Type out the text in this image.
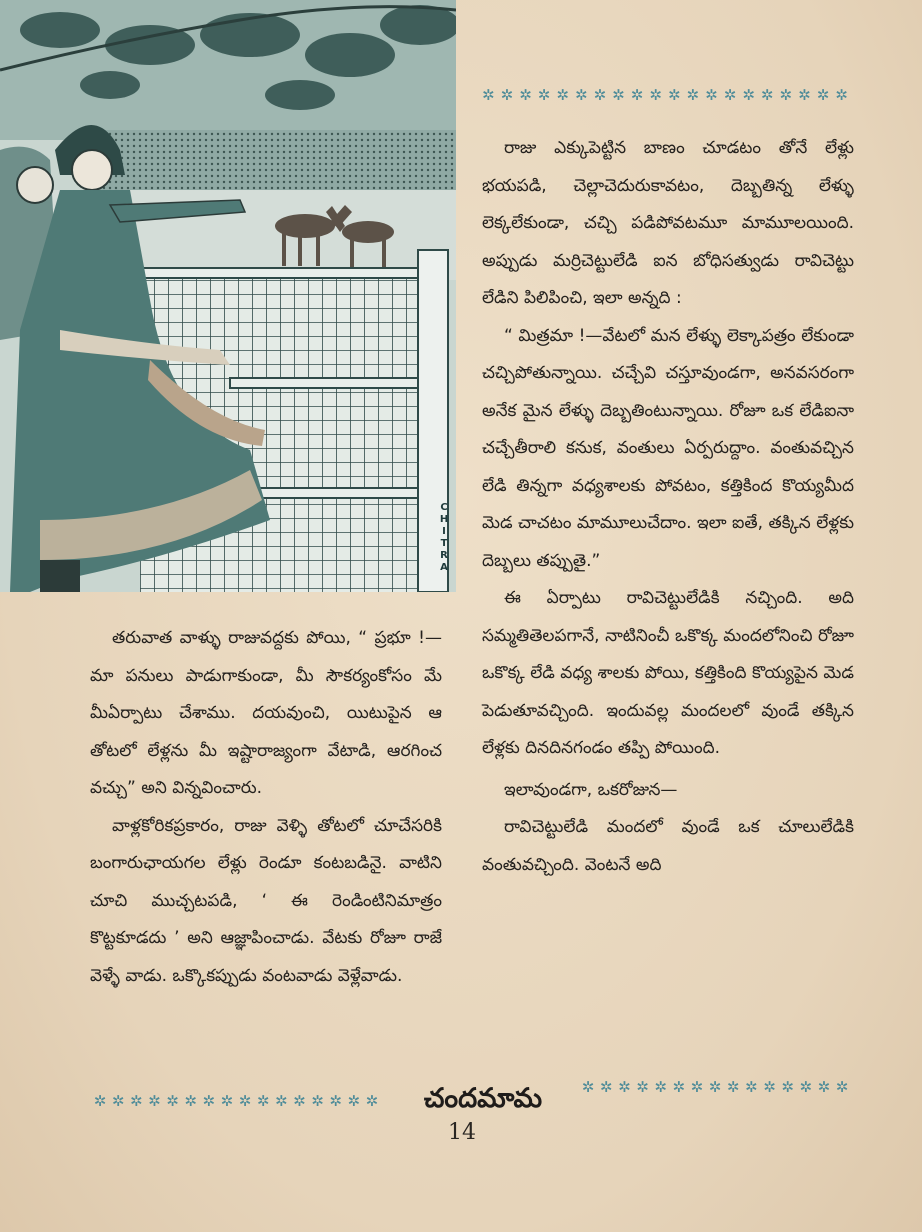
C
H
I
T
R
A
✲ ✲ ✲ ✲ ✲ ✲ ✲ ✲ ✲ ✲ ✲ ✲ ✲ ✲ ✲ ✲ ✲ ✲ ✲ ✲

రాజు ఎక్కుపెట్టిన బాణం చూడటం తోనే లేళ్లు భయపడి, చెల్లాచెదురుకావటం, దెబ్బతిన్న లేళ్ళు లెక్కలేకుండా, చచ్చి పడిపోవటమూ మామూలయింది. అప్పుడు మర్రిచెట్టులేడి ఐన బోధిసత్వుడు రావిచెట్టు లేడిని పిలిపించి, ఇలా అన్నది :

“ మిత్రమా !—వేటలో మన లేళ్ళు లెక్కాపత్రం లేకుండా చచ్చిపోతున్నాయి. చచ్చేవి చస్తూవుండగా, అనవసరంగా అనేక మైన లేళ్ళు దెబ్బతింటున్నాయి. రోజూ ఒక లేడిఐనా చచ్చేతీరాలి కనుక, వంతులు ఏర్పరుద్దాం. వంతువచ్చిన లేడి తిన్నగా వధ్యశాలకు పోవటం, కత్తికింద కొయ్యమీద మెడ చాచటం మామూలుచేదాం. ఇలా ఐతే, తక్కిన లేళ్లకు దెబ్బలు తప్పుతై.”

ఈ ఏర్పాటు రావిచెట్టులేడికి నచ్చింది. అది సమ్మతితెలపగానే, నాటినించీ ఒకొక్క మందలోనించి రోజూ ఒకొక్క లేడి వధ్య శాలకు పోయి, కత్తికింది కొయ్యపైన మెడ పెడుతూవచ్చింది. ఇందువల్ల మందలలో వుండే తక్కిన లేళ్లకు దినదినగండం తప్పి పోయింది.

ఇలావుండగా, ఒకరోజున—

రావిచెట్టులేడి మందలో వుండే ఒక చూలులేడికి వంతువచ్చింది. వెంటనే అది

తరువాత వాళ్ళు రాజువద్దకు పోయి, “ ప్రభూ !—మా పనులు పాడుగాకుండా, మీ సౌకర్యంకోసం మే మీఏర్పాటు చేశాము. దయవుంచి, యిటుపైన ఆ తోటలో లేళ్లను మీ ఇష్టారాజ్యంగా వేటాడి, ఆరగించ వచ్చు” అని విన్నవించారు.

వాళ్లకోరికప్రకారం, రాజు వెళ్ళి తోటలో చూచేసరికి బంగారుఛాయగల లేళ్లు రెండూ కంటబడినై. వాటిని చూచి ముచ్చటపడి, ‘ ఈ రెండింటినిమాత్రం కొట్టకూడదు ’ అని ఆజ్ఞాపించాడు. వేటకు రోజూ రాజే వెళ్ళే వాడు. ఒక్కొకప్పుడు వంటవాడు వెళ్లేవాడు.

✲ ✲ ✲ ✲ ✲ ✲ ✲ ✲ ✲ ✲ ✲ ✲ ✲ ✲ ✲ ✲	చందమామ	✲ ✲ ✲ ✲ ✲ ✲ ✲ ✲ ✲ ✲ ✲ ✲ ✲ ✲ ✲
14
